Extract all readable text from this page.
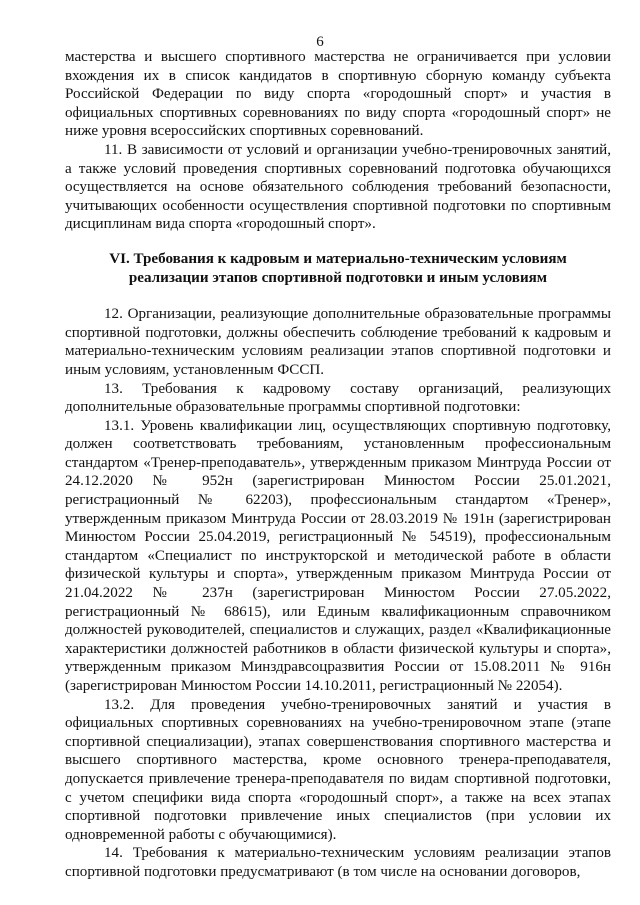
6

мастерства и высшего спортивного мастерства не ограничивается при условии вхождения их в список кандидатов в спортивную сборную команду субъекта Российской Федерации по виду спорта «городошный спорт» и участия в официальных спортивных соревнованиях по виду спорта «городошный спорт» не ниже уровня всероссийских спортивных соревнований.

11. В зависимости от условий и организации учебно-тренировочных занятий, а также условий проведения спортивных соревнований подготовка обучающихся осуществляется на основе обязательного соблюдения требований безопасности, учитывающих особенности осуществления спортивной подготовки по спортивным дисциплинам вида спорта «городошный спорт».

VI. Требования к кадровым и материально-техническим условиям

реализации этапов спортивной подготовки и иным условиям

12. Организации, реализующие дополнительные образовательные программы спортивной подготовки, должны обеспечить соблюдение требований к кадровым и материально-техническим условиям реализации этапов спортивной подготовки и иным условиям, установленным ФССП.

13. Требования к кадровому составу организаций, реализующих дополнительные образовательные программы спортивной подготовки:

13.1. Уровень квалификации лиц, осуществляющих спортивную подготовку, должен соответствовать требованиям, установленным профессиональным стандартом «Тренер-преподаватель», утвержденным приказом Минтруда России от 24.12.2020 № 952н (зарегистрирован Минюстом России 25.01.2021, регистрационный № 62203), профессиональным стандартом «Тренер», утвержденным приказом Минтруда России от 28.03.2019 № 191н (зарегистрирован Минюстом России 25.04.2019, регистрационный № 54519), профессиональным стандартом «Специалист по инструкторской и методической работе в области физической культуры и спорта», утвержденным приказом Минтруда России от 21.04.2022 № 237н (зарегистрирован Минюстом России 27.05.2022, регистрационный № 68615), или Единым квалификационным справочником должностей руководителей, специалистов и служащих, раздел «Квалификационные характеристики должностей работников в области физической культуры и спорта», утвержденным приказом Минздравсоцразвития России от 15.08.2011 № 916н (зарегистрирован Минюстом России 14.10.2011, регистрационный № 22054).

13.2. Для проведения учебно-тренировочных занятий и участия в официальных спортивных соревнованиях на учебно-тренировочном этапе (этапе спортивной специализации), этапах совершенствования спортивного мастерства и высшего спортивного мастерства, кроме основного тренера-преподавателя, допускается привлечение тренера-преподавателя по видам спортивной подготовки, с учетом специфики вида спорта «городошный спорт», а также на всех этапах спортивной подготовки привлечение иных специалистов (при условии их одновременной работы с обучающимися).

14. Требования к материально-техническим условиям реализации этапов спортивной подготовки предусматривают (в том числе на основании договоров,
